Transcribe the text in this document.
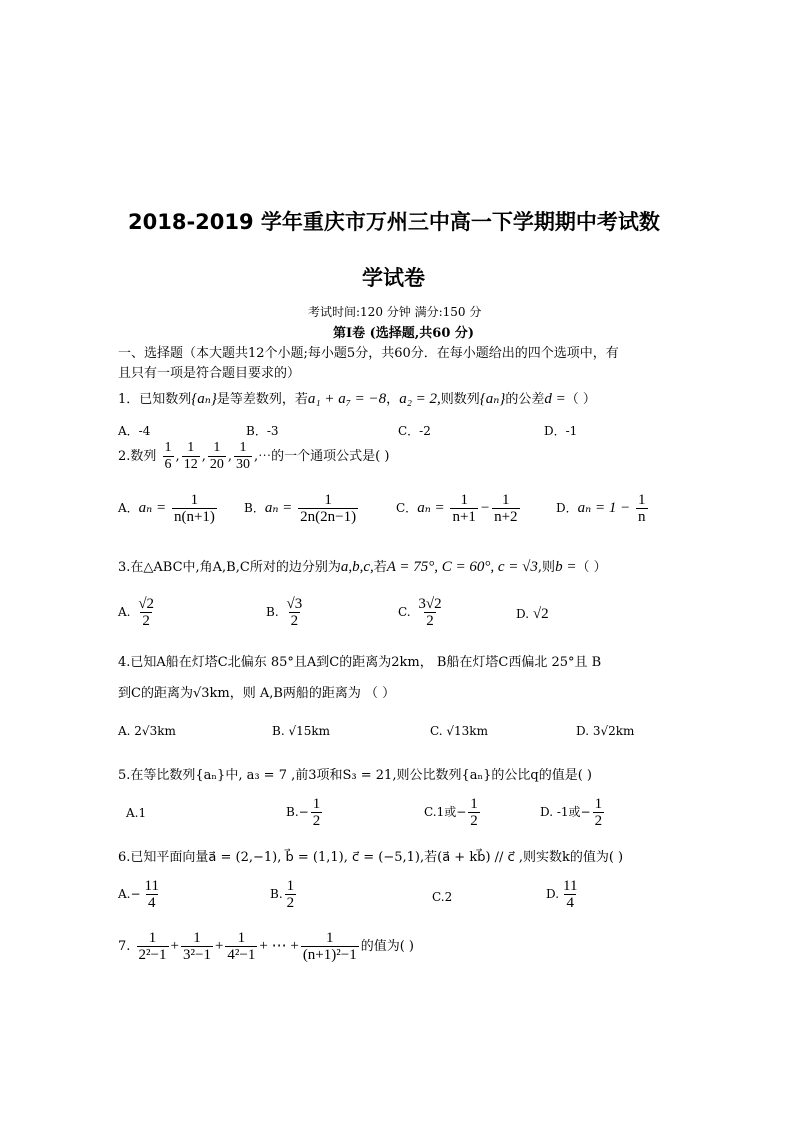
2018-2019 学年重庆市万州三中高一下学期期中考试数
学试卷
考试时间:120 分钟 满分:150 分
第Ⅰ卷 (选择题,共60 分)
一、选择题（本大题共12个小题;每小题5分，共60分．在每小题给出的四个选项中，有
且只有一项是符合题目要求的）
1．已知数列{aₙ}是等差数列，若a₁ + a₇ = −8，a₂ = 2,则数列{aₙ}的公差d =（ ）
A．-4	B．-3	C．-2	D．-1
2.数列 $\frac{1}{6}$ , $\frac{1}{12}$ , $\frac{1}{20}$ , $\frac{1}{30}$ ,⋯的一个通项公式是( )
A．$a_n = \frac{1}{n(n+1)}$ B．$a_n = \frac{1}{2n(2n-1)}$	C．$a_n = \frac{1}{n+1} - \frac{1}{n+2}$	D．$a_n = 1 - \frac{1}{n}$
3.在△ABC中,角A,B,C所对的边分别为a,b,c,若A = 75°, C = 60°, c = √3,则b =（ ）
A. $\frac{√2}{2}$	B. $\frac{√3}{2}$	C. $\frac{3√2}{2}$	D. √2
4.已知A船在灯塔C北偏东 85°且A到C的距离为2km， B船在灯塔C西偏北 25°且 B
到C的距离为√3km，则 A,B两船的距离为 （ ）
A. 2√3km	B. √15km	C. √13km	D. 3√2km
5.在等比数列{aₙ}中, a₃ = 7 ,前3项和S₃ = 21,则公比数列{aₙ}的公比q的值是( )
A.1	$B.- \frac{1}{2}$	C.1或− $\frac{1}{2}$	D. -1或− $\frac{1}{2}$
6.已知平面向量a⃗ = (2,−1), b⃗ = (1,1), c⃗ = (−5,1),若(a⃗ + kb⃗) // c⃗ ,则实数k的值为( )
$A.- \frac{11}{4}$	B. $\frac{1}{2}$	C.2	D. $\frac{11}{4}$
7. $\frac{1}{\text{2²−1}} + \frac{1}{\text{3²−1}} + \frac{1}{\text{4²−1}}$ + ⋯ + $\frac{1}{\text{(n+1)²−1}}$ 的值为( )
